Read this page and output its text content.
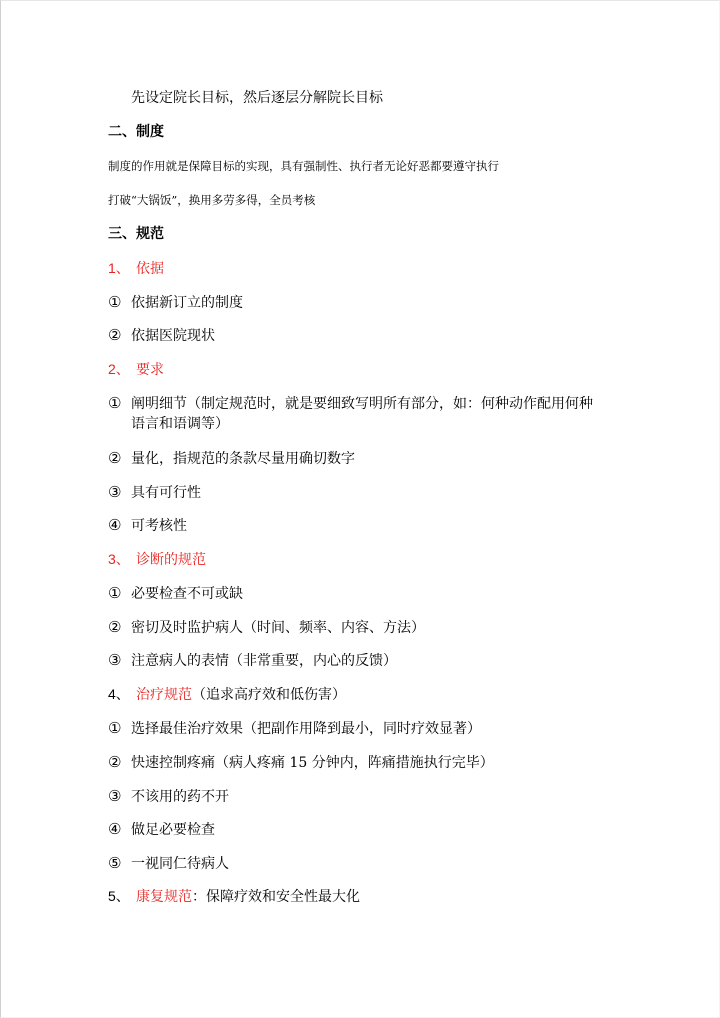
先设定院长目标，然后逐层分解院长目标
二、制度
制度的作用就是保障目标的实现，具有强制性、执行者无论好恶都要遵守执行
打破“大锅饭”，换用多劳多得，全员考核
三、规范
1、 依据
① 依据新订立的制度
② 依据医院现状
2、 要求
① 阐明细节（制定规范时，就是要细致写明所有部分，如：何种动作配用何种
语言和语调等）
② 量化，指规范的条款尽量用确切数字
③ 具有可行性
④ 可考核性
3、 诊断的规范
① 必要检查不可或缺
② 密切及时监护病人（时间、频率、内容、方法）
③ 注意病人的表情（非常重要，内心的反馈）
4、 治疗规范（追求高疗效和低伤害）
① 选择最佳治疗效果（把副作用降到最小，同时疗效显著）
② 快速控制疼痛（病人疼痛 15 分钟内，阵痛措施执行完毕）
③ 不该用的药不开
④ 做足必要检查
⑤ 一视同仁待病人
5、 康复规范：保障疗效和安全性最大化
